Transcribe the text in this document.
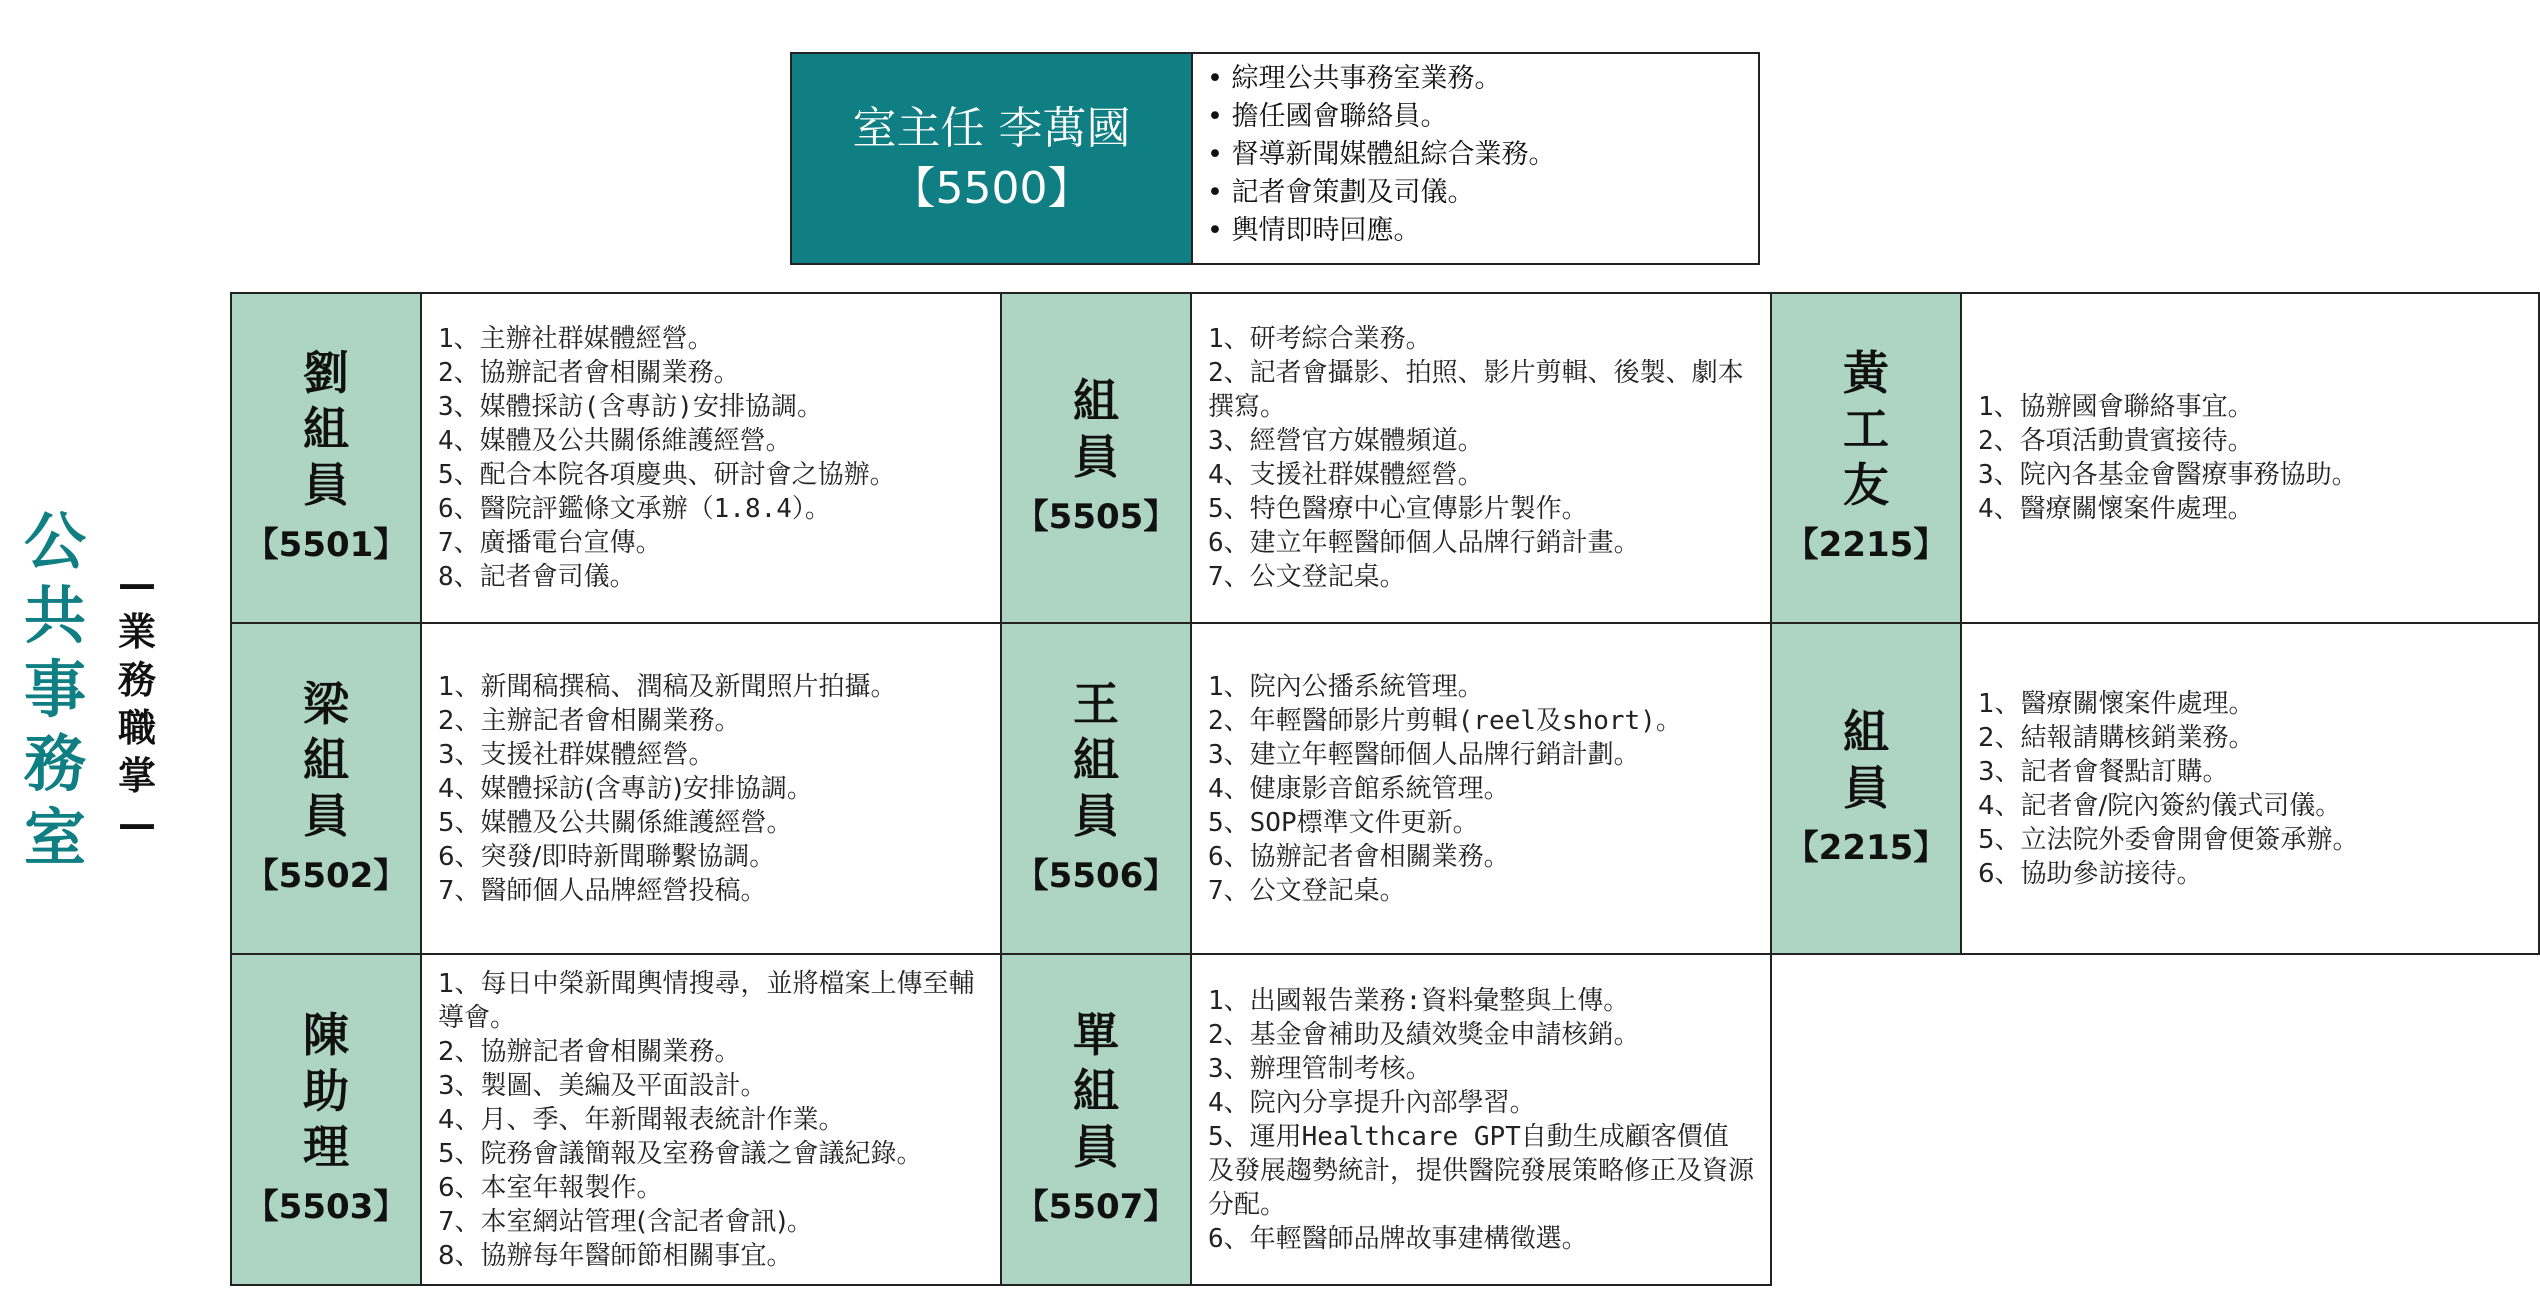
公
共
事
務
室
—
業
務
職
掌
—
室主任 李萬國
【5500】
• 綜理公共事務室業務。
• 擔任國會聯絡員。
• 督導新聞媒體組綜合業務。
• 記者會策劃及司儀。
• 輿情即時回應。
劉
組
員
【5501】
1、主辦社群媒體經營。
2、協辦記者會相關業務。
3、媒體採訪(含專訪)安排協調。
4、媒體及公共關係維護經營。
5、配合本院各項慶典、研討會之協辦。
6、醫院評鑑條文承辦（1.8.4）。
7、廣播電台宣傳。
8、記者會司儀。
組
員
【5505】
1、研考綜合業務。
2、記者會攝影、拍照、影片剪輯、後製、劇本撰寫。
3、經營官方媒體頻道。
4、支援社群媒體經營。
5、特色醫療中心宣傳影片製作。
6、建立年輕醫師個人品牌行銷計畫。
7、公文登記桌。
黃
工
友
【2215】
1、協辦國會聯絡事宜。
2、各項活動貴賓接待。
3、院內各基金會醫療事務協助。
4、醫療關懷案件處理。
梁
組
員
【5502】
1、新聞稿撰稿、潤稿及新聞照片拍攝。
2、主辦記者會相關業務。
3、支援社群媒體經營。
4、媒體採訪(含專訪)安排協調。
5、媒體及公共關係維護經營。
6、突發/即時新聞聯繫協調。
7、醫師個人品牌經營投稿。
王
組
員
【5506】
1、院內公播系統管理。
2、年輕醫師影片剪輯(reel及short)。
3、建立年輕醫師個人品牌行銷計劃。
4、健康影音館系統管理。
5、SOP標準文件更新。
6、協辦記者會相關業務。
7、公文登記桌。
組
員
【2215】
1、醫療關懷案件處理。
2、結報請購核銷業務。
3、記者會餐點訂購。
4、記者會/院內簽約儀式司儀。
5、立法院外委會開會便簽承辦。
6、協助參訪接待。
陳
助
理
【5503】
1、每日中榮新聞輿情搜尋，並將檔案上傳至輔導會。
2、協辦記者會相關業務。
3、製圖、美編及平面設計。
4、月、季、年新聞報表統計作業。
5、院務會議簡報及室務會議之會議紀錄。
6、本室年報製作。
7、本室網站管理(含記者會訊)。
8、協辦每年醫師節相關事宜。
單
組
員
【5507】
1、出國報告業務:資料彙整與上傳。
2、基金會補助及績效獎金申請核銷。
3、辦理管制考核。
4、院內分享提升內部學習。
5、運用Healthcare GPT自動生成顧客價值及發展趨勢統計，提供醫院發展策略修正及資源分配。
6、年輕醫師品牌故事建構徵選。
